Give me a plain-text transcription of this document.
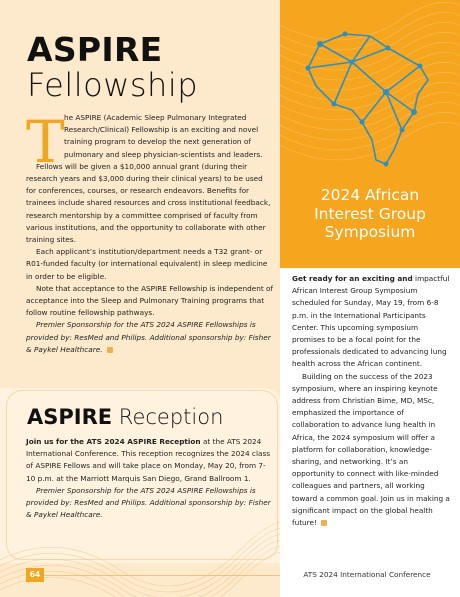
ASPIRE
Fellowship
T he ASPIRE (Academic Sleep Pulmonary Integrated Research/Clinical) Fellowship is an exciting and novel training program to develop the next generation of pulmonary and sleep physician-scientists and leaders.

Fellows will be given a $10,000 annual grant (during their research years and $3,000 during their clinical years) to be used for conferences, courses, or research endeavors. Benefits for trainees include shared resources and cross institutional feedback, research mentorship by a committee comprised of faculty from various institutions, and the opportunity to collaborate with other training sites.

Each applicant’s institution/department needs a T32 grant- or R01-funded faculty (or international equivalent) in sleep medicine in order to be eligible.

Note that acceptance to the ASPIRE Fellowship is independent of acceptance into the Sleep and Pulmonary Training programs that follow routine fellowship pathways.

Premier Sponsorship for the ATS 2024 ASPIRE Fellowships is provided by: ResMed and Philips. Additional sponsorship by: Fisher & Paykel Healthcare.

ASPIRE Reception

Join us for the ATS 2024 ASPIRE Reception at the ATS 2024 International Conference. This reception recognizes the 2024 class of ASPIRE Fellows and will take place on Monday, May 20, from 7-10 p.m. at the Marriott Marquis San Diego, Grand Ballroom 1.

Premier Sponsorship for the ATS 2024 ASPIRE Fellowships is provided by: ResMed and Philips. Additional sponsorship by: Fisher & Paykel Healthcare.

64
2024 African
Interest Group
Symposium

Get ready for an exciting and impactful African Interest Group Symposium scheduled for Sunday, May 19, from 6-8 p.m. in the International Participants Center. This upcoming symposium promises to be a focal point for the professionals dedicated to advancing lung health across the African continent.

Building on the success of the 2023 symposium, where an inspiring keynote address from Christian Bime, MD, MSc, emphasized the importance of collaboration to advance lung health in Africa, the 2024 symposium will offer a platform for collaboration, knowledge-sharing, and networking. It’s an opportunity to connect with like-minded colleagues and partners, all working toward a common goal. Join us in making a significant impact on the global health future!

ATS 2024 International Conference
